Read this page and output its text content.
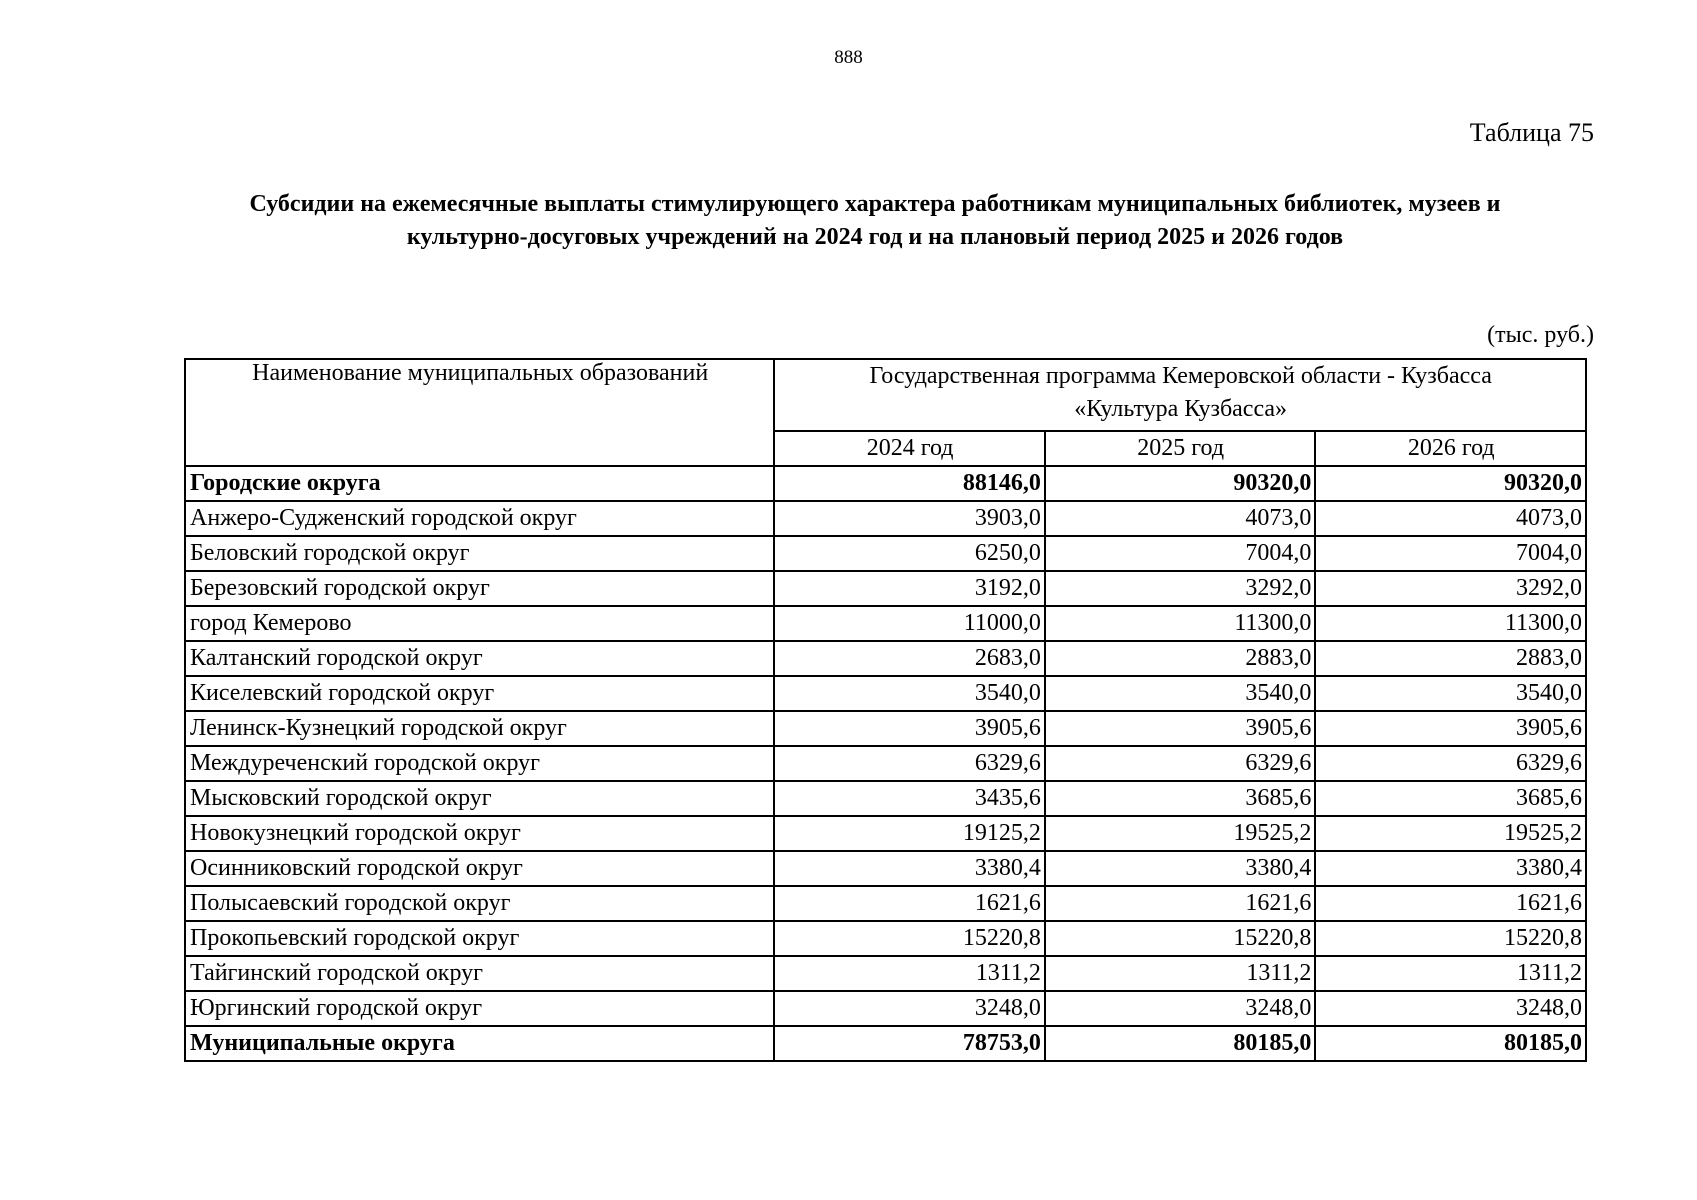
888
Таблица 75
Субсидии на ежемесячные выплаты стимулирующего характера работникам муниципальных библиотек, музеев и
культурно-досуговых учреждений на 2024 год и на плановый период 2025 и 2026 годов
(тыс. руб.)
Наименование муниципальных образований	Государственная программа Кемеровской области - Кузбасса
«Культура Кузбасса»		

	2024 год	2025 год	2026 год
Городские округа	88146,0	90320,0	90320,0
Анжеро-Судженский городской округ	3903,0	4073,0	4073,0
Беловский городской округ	6250,0	7004,0	7004,0
Березовский городской округ	3192,0	3292,0	3292,0
город Кемерово	11000,0	11300,0	11300,0
Калтанский городской округ	2683,0	2883,0	2883,0
Киселевский городской округ	3540,0	3540,0	3540,0
Ленинск-Кузнецкий городской округ	3905,6	3905,6	3905,6
Междуреченский городской округ	6329,6	6329,6	6329,6
Мысковский городской округ	3435,6	3685,6	3685,6
Новокузнецкий городской округ	19125,2	19525,2	19525,2
Осинниковский городской округ	3380,4	3380,4	3380,4
Полысаевский городской округ	1621,6	1621,6	1621,6
Прокопьевский городской округ	15220,8	15220,8	15220,8
Тайгинский городской округ	1311,2	1311,2	1311,2
Юргинский городской округ	3248,0	3248,0	3248,0
Муниципальные округа	78753,0	80185,0	80185,0
